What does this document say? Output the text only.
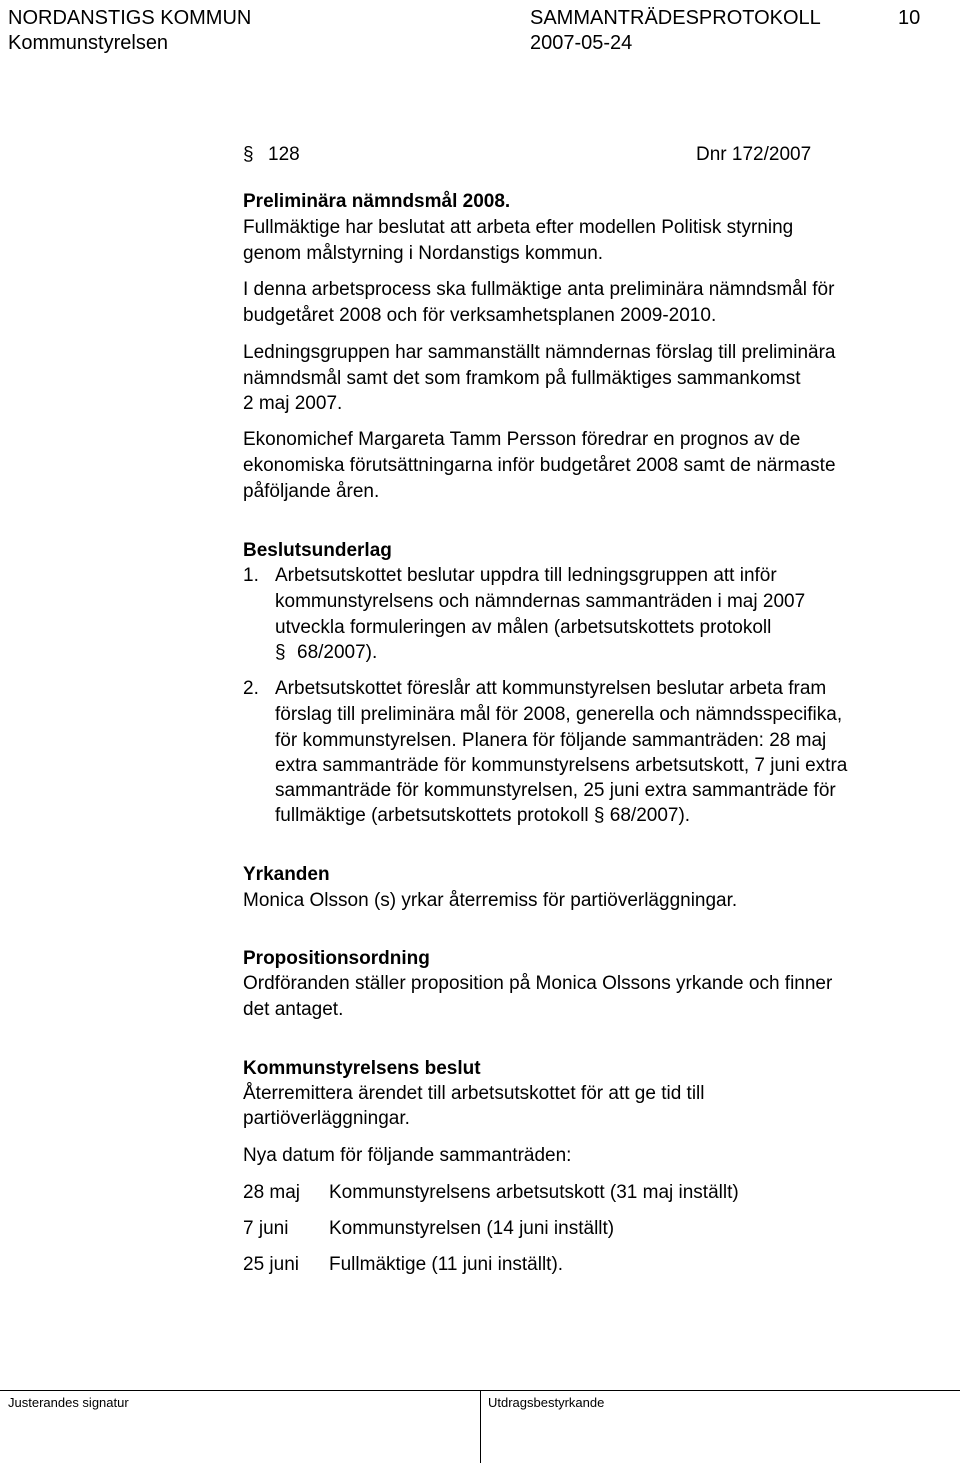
NORDANSTIGS KOMMUN	SAMMANTRÄDESPROTOKOLL	10
Kommunstyrelsen	2007-05-24
§ 128	Dnr 172/2007
Preliminära nämndsmål 2008.
Fullmäktige har beslutat att arbeta efter modellen Politisk styrning
genom målstyrning i Nordanstigs kommun.
I denna arbetsprocess ska fullmäktige anta preliminära nämndsmål för
budgetåret 2008 och för verksamhetsplanen 2009-2010.
Ledningsgruppen har sammanställt nämndernas förslag till preliminära
nämndsmål samt det som framkom på fullmäktiges sammankomst
2 maj 2007.
Ekonomichef Margareta Tamm Persson föredrar en prognos av de
ekonomiska förutsättningarna inför budgetåret 2008 samt de närmaste
påföljande åren.
Beslutsunderlag
1. Arbetsutskottet beslutar uppdra till ledningsgruppen att inför
kommunstyrelsens och nämndernas sammanträden i maj 2007
utveckla formuleringen av målen (arbetsutskottets protokoll
§ 68/2007).
2. Arbetsutskottet föreslår att kommunstyrelsen beslutar arbeta fram
förslag till preliminära mål för 2008, generella och nämndsspecifika,
för kommunstyrelsen. Planera för följande sammanträden: 28 maj
extra sammanträde för kommunstyrelsens arbetsutskott, 7 juni extra
sammanträde för kommunstyrelsen, 25 juni extra sammanträde för
fullmäktige (arbetsutskottets protokoll § 68/2007).
Yrkanden
Monica Olsson (s) yrkar återremiss för partiöverläggningar.
Propositionsordning
Ordföranden ställer proposition på Monica Olssons yrkande och finner
det antaget.
Kommunstyrelsens beslut
Återremittera ärendet till arbetsutskottet för att ge tid till
partiöverläggningar.
Nya datum för följande sammanträden:
28 maj Kommunstyrelsens arbetsutskott (31 maj inställt)
7 juni Kommunstyrelsen (14 juni inställt)
25 juni Fullmäktige (11 juni inställt).
Justerandes signatur	Utdragsbestyrkande
